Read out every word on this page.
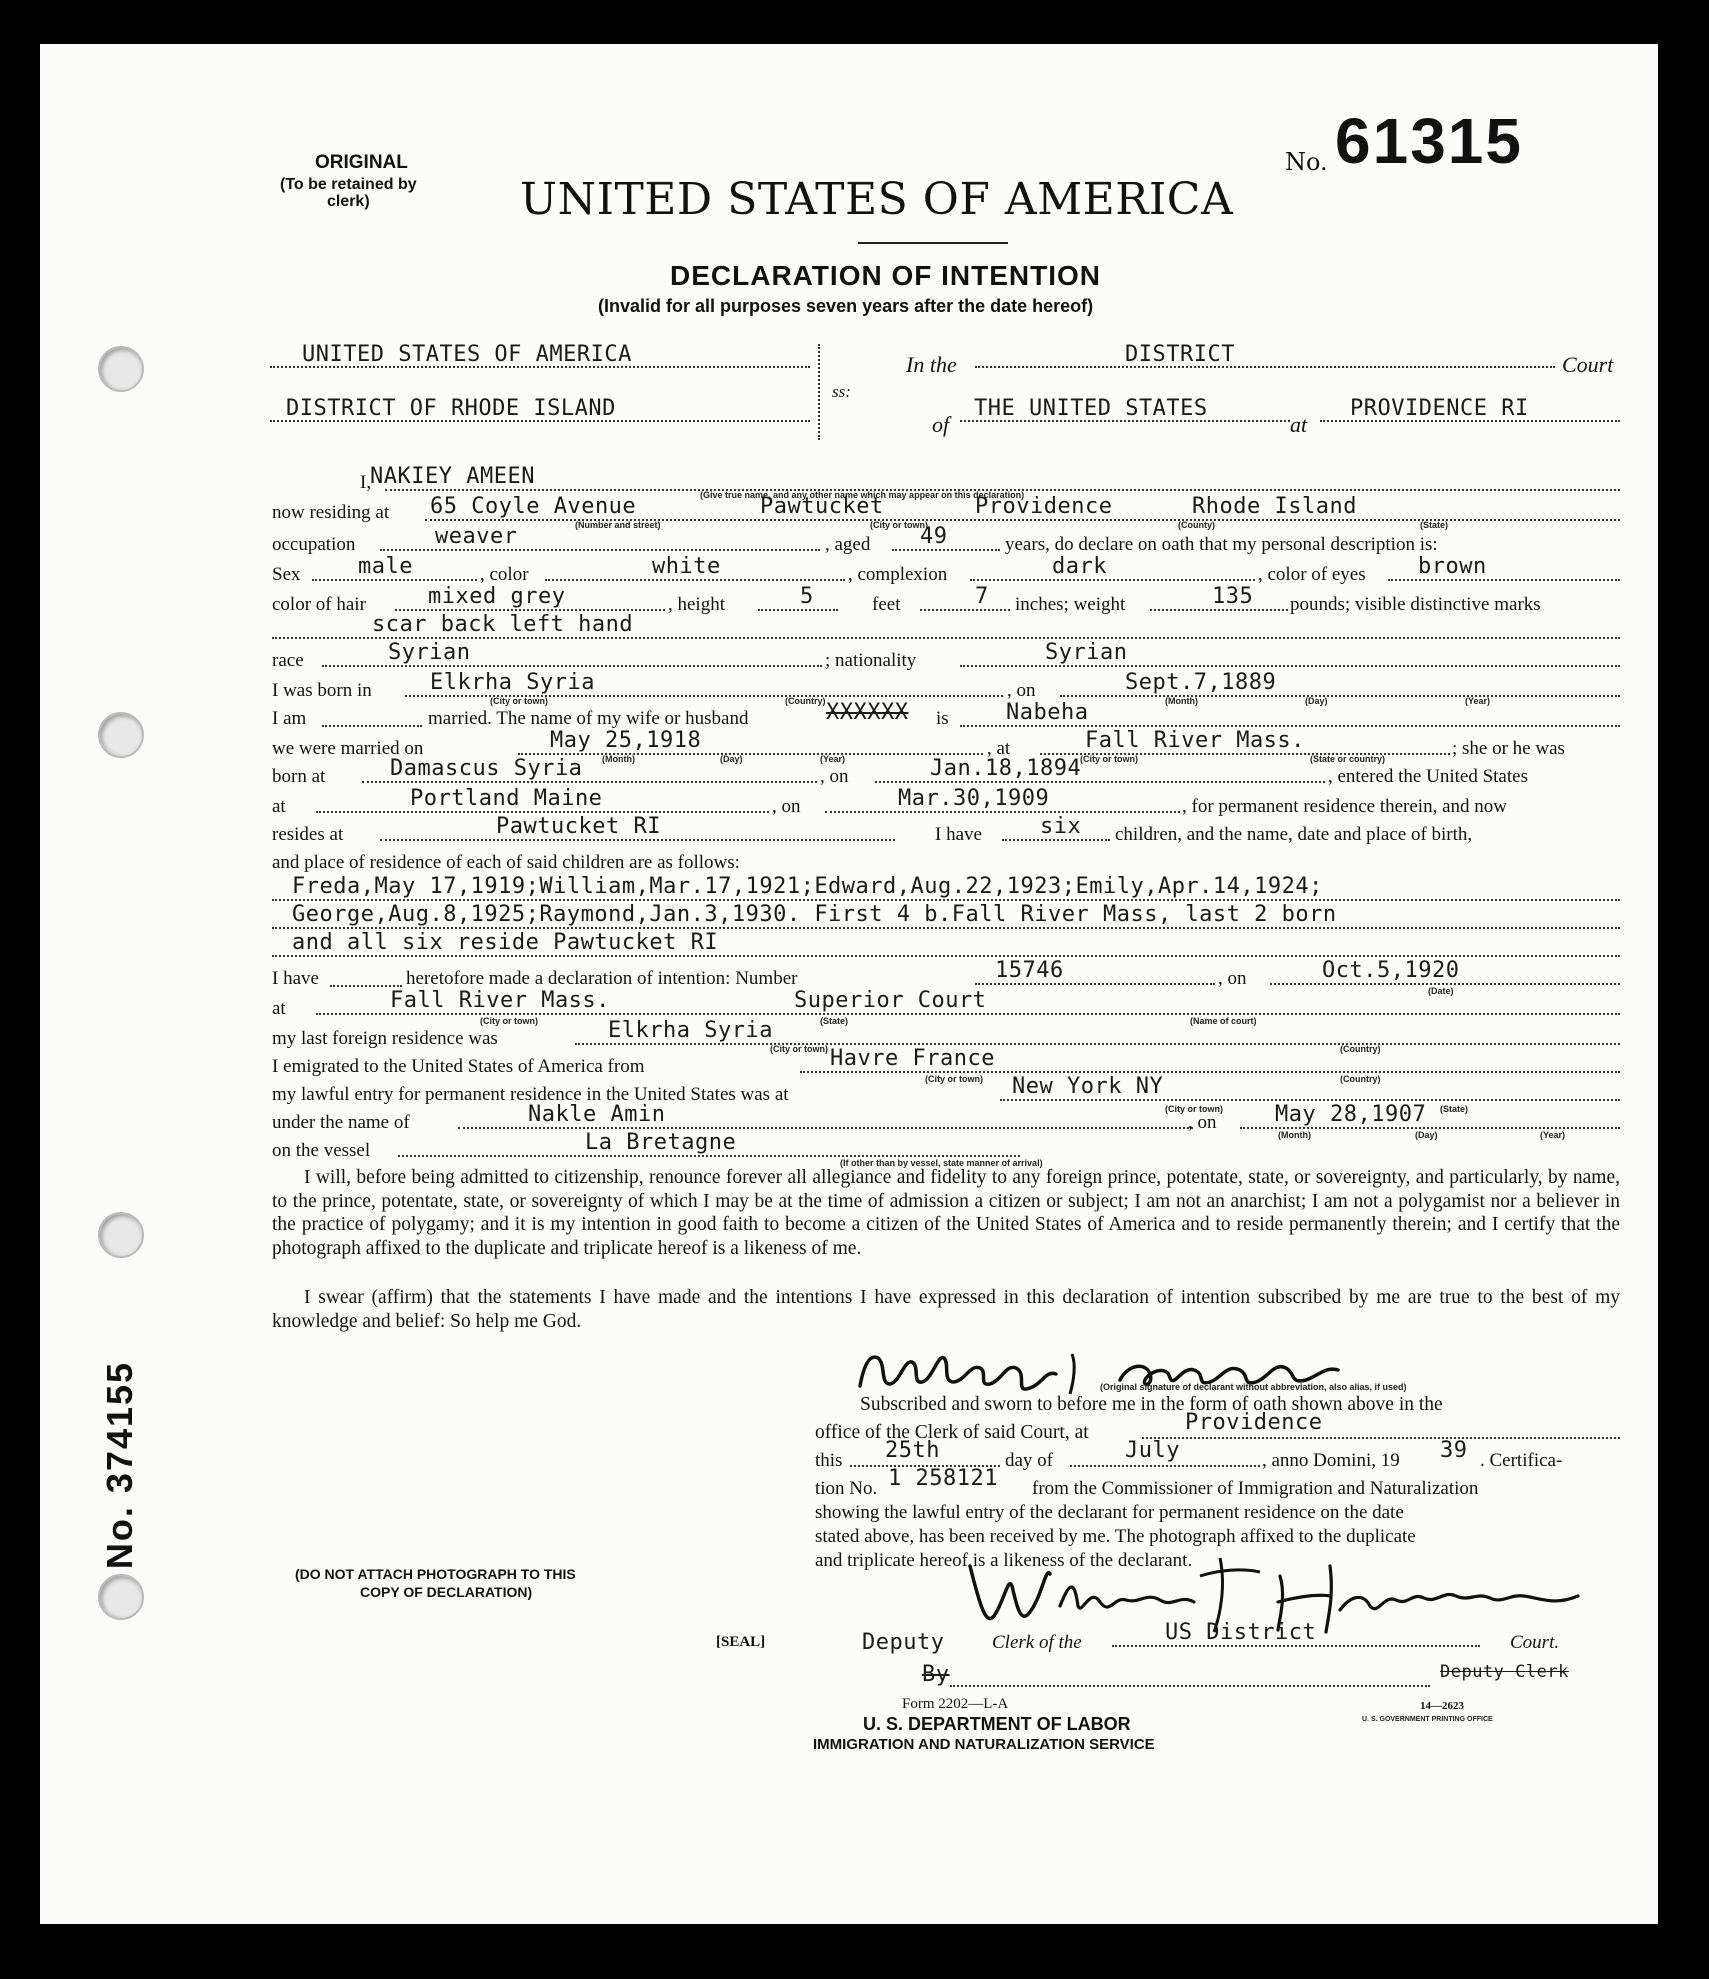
ORIGINAL
(To be retained by
clerk)
No. 61315
UNITED STATES OF AMERICA
DECLARATION OF INTENTION
(Invalid for all purposes seven years after the date hereof)
UNITED STATES OF AMERICA
DISTRICT OF RHODE ISLAND
ss:
In the	DISTRICT	Court
of
THE UNITED STATES
at
PROVIDENCE RI
I,
NAKIEY AMEEN
(Give true name, and any other name which may appear on this declaration)
now residing at 65 Coyle Avenue	Pawtucket	Providence	Rhode Island
(Number and street)	(City or town)	(County)	(State)
occupation	weaver	, aged 49	years, do declare on oath that my personal description is:
Sex	male	, color	white	, complexion	dark	, color of eyes brown
color of hair	mixed grey	, height	5	feet	7 inches; weight	135 pounds; visible distinctive marks
scar back left hand
race	Syrian	; nationality	Syrian
I was born in	Elkrha Syria	, on	Sept.7,1889
(City or town)	(Country)	(Month)	(Day)	(Year)
I am	married. The name of my wife or husband	XXXXXX is	Nabeha
we were married on	May 25,1918	, at	Fall River Mass.	; she or he was
(Month)	(Day)	(Year)	(City or town)	(State or country)
born at	Damascus Syria	, on	Jan.18,1894	, entered the United States
at	Portland Maine	, on	Mar.30,1909	, for permanent residence therein, and now
resides at	Pawtucket RI	I have	six children, and the name, date and place of birth,
and place of residence of each of said children are as follows:
Freda,May 17,1919;William,Mar.17,1921;Edward,Aug.22,1923;Emily,Apr.14,1924;
George,Aug.8,1925;Raymond,Jan.3,1930. First 4 b.Fall River Mass, last 2 born
and all six reside Pawtucket RI
I have	heretofore made a declaration of intention: Number	15746	, on	Oct.5,1920
(Date)
at	Fall River Mass.	Superior Court
(City or town)	(State)	(Name of court)
my last foreign residence was	Elkrha Syria
I emigrated to the United States of America from	Havre France
(City or town)	(Country)
my lawful entry for permanent residence in the United States was at	New York NY
(City or town)	(Country)
under the name of	Nakle Amin	, on	May 28,1907
(City or town)	(State)
(Month)	(Day)	(Year)
on the vessel	La Bretagne
(If other than by vessel, state manner of arrival)
I will, before being admitted to citizenship, renounce forever all allegiance and fidelity to any foreign prince, potentate, state, or sovereignty, and particularly, by name, to the prince, potentate, state, or sovereignty of which I may be at the time of admission a citizen or subject; I am not an anarchist; I am not a polygamist nor a believer in the practice of polygamy; and it is my intention in good faith to become a citizen of the United States of America and to reside permanently therein; and I certify that the photograph affixed to the duplicate and triplicate hereof is a likeness of me.
I swear (affirm) that the statements I have made and the intentions I have expressed in this declaration of intention subscribed by me are true to the best of my knowledge and belief: So help me God.
(Original signature of declarant without abbreviation, also alias, if used)
Subscribed and sworn to before me in the form of oath shown above in the
office of the Clerk of said Court, at	Providence
this 25th	day of	July	, anno Domini, 19 39 . Certifica-
tion No. 1 258121 from the Commissioner of Immigration and Naturalization
showing the lawful entry of the declarant for permanent residence on the date
stated above, has been received by me. The photograph affixed to the duplicate
and triplicate hereof is a likeness of the declarant.
(DO NOT ATTACH PHOTOGRAPH TO THIS
COPY OF DECLARATION)
[SEAL]	Deputy	Clerk of the	US District	Court.
By	Deputy Clerk
Form 2202—L-A
U. S. DEPARTMENT OF LABOR
IMMIGRATION AND NATURALIZATION SERVICE
14—2623
U. S. GOVERNMENT PRINTING OFFICE
No. 374155
